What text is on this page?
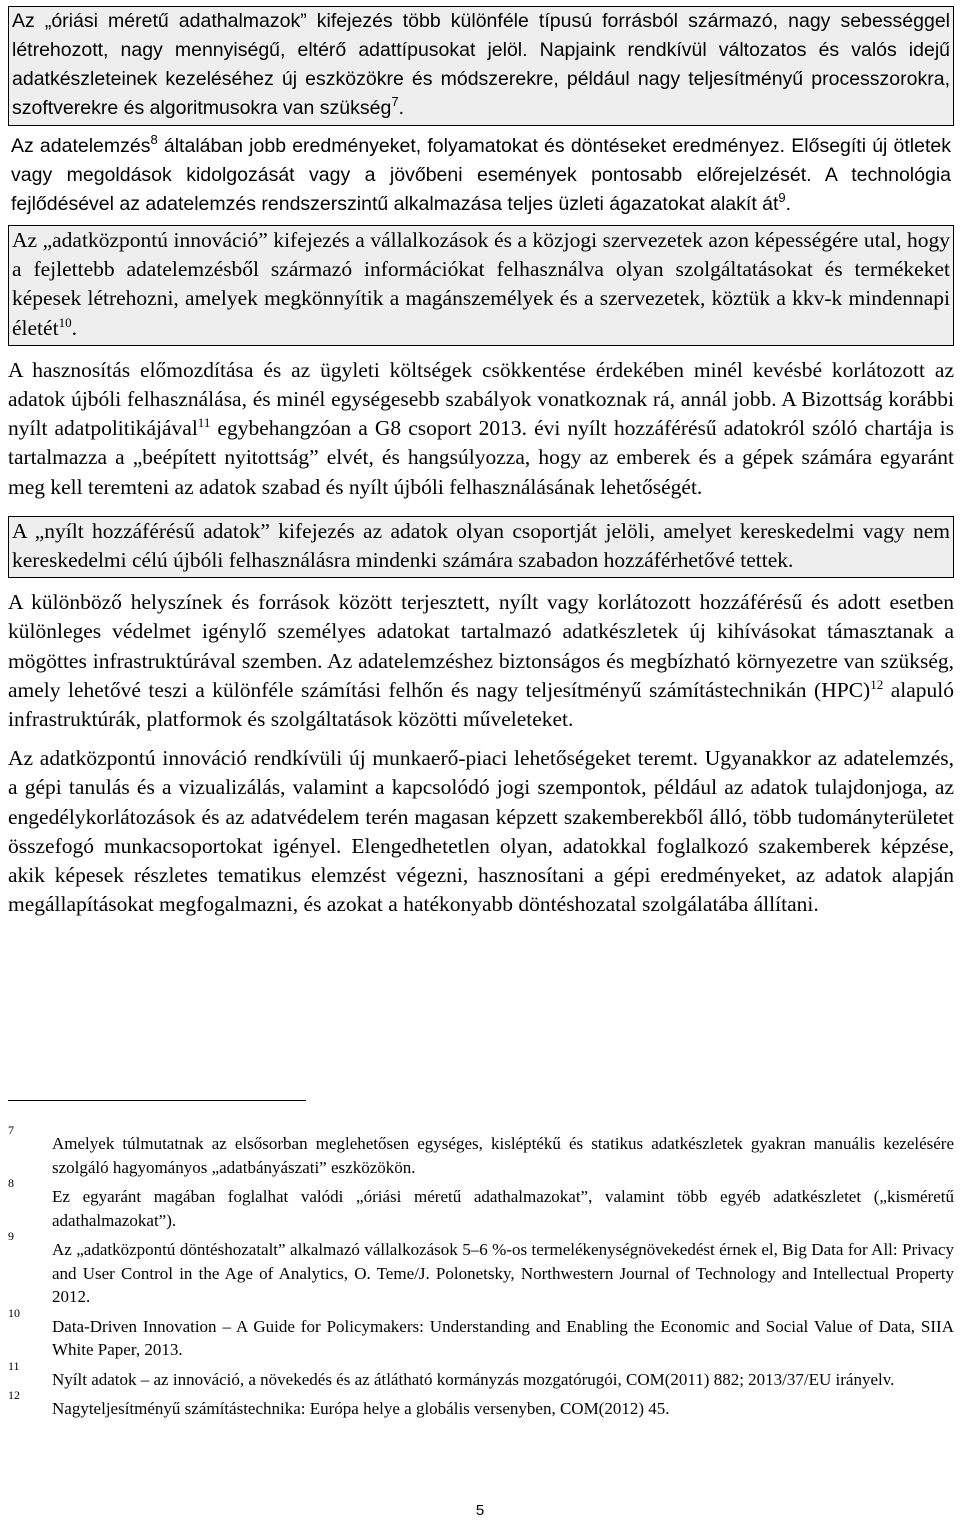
Az „óriási méretű adathalmazok” kifejezés több különféle típusú forrásból származó, nagy sebességgel létrehozott, nagy mennyiségű, eltérő adattípusokat jelöl. Napjaink rendkívül változatos és valós idejű adatkészleteinek kezeléséhez új eszközökre és módszerekre, például nagy teljesítményű processzorokra, szoftverekre és algoritmusokra van szükség$^7$.

Az adatelemzés$^8$ általában jobb eredményeket, folyamatokat és döntéseket eredményez. Elősegíti új ötletek vagy megoldások kidolgozását vagy a jövőbeni események pontosabb előrejelzését. A technológia fejlődésével az adatelemzés rendszerszintű alkalmazása teljes üzleti ágazatokat alakít $át^9$.

Az „adatközpontú innováció” kifejezés a vállalkozások és a közjogi szervezetek azon képességére utal, hogy a fejlettebb adatelemzésből származó információkat felhasználva olyan szolgáltatásokat és termékeket képesek létrehozni, amelyek megkönnyítik a magánszemélyek és a szervezetek, köztük a kkv-k mindennapi életét$^{10}$.

A hasznosítás előmozdítása és az ügyleti költségek csökkentése érdekében minél kevésbé korlátozott az adatok újbóli felhasználása, és minél egységesebb szabályok vonatkoznak rá, annál jobb. A Bizottság korábbi nyílt adatpolitikájával$^{11}$ egybehangzóan a G8 csoport 2013. évi nyílt hozzáférésű adatokról szóló chartája is tartalmazza a „beépített nyitottság” elvét, és hangsúlyozza, hogy az emberek és a gépek számára egyaránt meg kell teremteni az adatok szabad és nyílt újbóli felhasználásának lehetőségét.

A „nyílt hozzáférésű adatok” kifejezés az adatok olyan csoportját jelöli, amelyet kereskedelmi vagy nem kereskedelmi célú újbóli felhasználásra mindenki számára szabadon hozzáférhetővé tettek.

A különböző helyszínek és források között terjesztett, nyílt vagy korlátozott hozzáférésű és adott esetben különleges védelmet igénylő személyes adatokat tartalmazó adatkészletek új kihívásokat támasztanak a mögöttes infrastruktúrával szemben. Az adatelemzéshez biztonságos és megbízható környezetre van szükség, amely lehetővé teszi a különféle számítási felhőn és nagy teljesítményű számítástechnikán (HPC)$^{12}$ alapuló infrastruktúrák, platformok és szolgáltatások közötti műveleteket.

Az adatközpontú innováció rendkívüli új munkaerő-piaci lehetőségeket teremt. Ugyanakkor az adatelemzés, a gépi tanulás és a vizualizálás, valamint a kapcsolódó jogi szempontok, például az adatok tulajdonjoga, az engedélykorlátozások és az adatvédelem terén magasan képzett szakemberekből álló, több tudományterületet összefogó munkacsoportokat igényel. Elengedhetetlen olyan, adatokkal foglalkozó szakemberek képzése, akik képesek részletes tematikus elemzést végezni, hasznosítani a gépi eredményeket, az adatok alapján megállapításokat megfogalmazni, és azokat a hatékonyabb döntéshozatal szolgálatába állítani.

7
Amelyek túlmutatnak az elsősorban meglehetősen egységes, kisléptékű és statikus adatkészletek gyakran manuális kezelésére szolgáló hagyományos „adatbányászati” eszközökön.
8
Ez egyaránt magában foglalhat valódi „óriási méretű adathalmazokat”, valamint több egyéb adatkészletet („kisméretű adathalmazokat”).
9
Az „adatközpontú döntéshozatalt” alkalmazó vállalkozások 5–6 %-os termelékenységnövekedést érnek el, Big Data for All: Privacy and User Control in the Age of Analytics, O. Teme/J. Polonetsky, Northwestern Journal of Technology and Intellectual Property 2012.
10
Data-Driven Innovation – A Guide for Policymakers: Understanding and Enabling the Economic and Social Value of Data, SIIA White Paper, 2013.
11
Nyílt adatok – az innováció, a növekedés és az átlátható kormányzás mozgatórugói, COM(2011) 882; 2013/37/EU irányelv.
12
Nagyteljesítményű számítástechnika: Európa helye a globális versenyben, COM(2012) 45.
5
